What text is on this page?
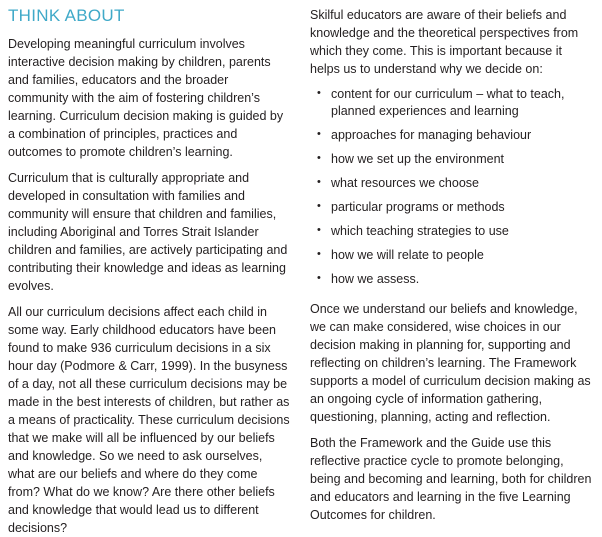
THINK ABOUT

Developing meaningful curriculum involves interactive decision making by children, parents and families, educators and the broader community with the aim of fostering children’s learning. Curriculum decision making is guided by a combination of principles, practices and outcomes to promote children’s learning.

Curriculum that is culturally appropriate and developed in consultation with families and community will ensure that children and families, including Aboriginal and Torres Strait Islander children and families, are actively participating and contributing their knowledge and ideas as learning evolves.

All our curriculum decisions affect each child in some way. Early childhood educators have been found to make 936 curriculum decisions in a six hour day (Podmore & Carr, 1999). In the busyness of a day, not all these curriculum decisions may be made in the best interests of children, but rather as a means of practicality. These curriculum decisions that we make will all be influenced by our beliefs and knowledge. So we need to ask ourselves, what are our beliefs and where do they come from? What do we know? Are there other beliefs and knowledge that would lead us to different decisions?

Skilful educators are aware of their beliefs and knowledge and the theoretical perspectives from which they come. This is important because it helps us to understand why we decide on:

• content for our curriculum – what to teach, planned experiences and learning
• approaches for managing behaviour
• how we set up the environment
• what resources we choose
• particular programs or methods
• which teaching strategies to use
• how we will relate to people
• how we assess.

Once we understand our beliefs and knowledge, we can make considered, wise choices in our decision making in planning for, supporting and reflecting on children’s learning. The Framework supports a model of curriculum decision making as an ongoing cycle of information gathering, questioning, planning, acting and reflection.

Both the Framework and the Guide use this reflective practice cycle to promote belonging, being and becoming and learning, both for children and educators and learning in the five Learning Outcomes for children.
